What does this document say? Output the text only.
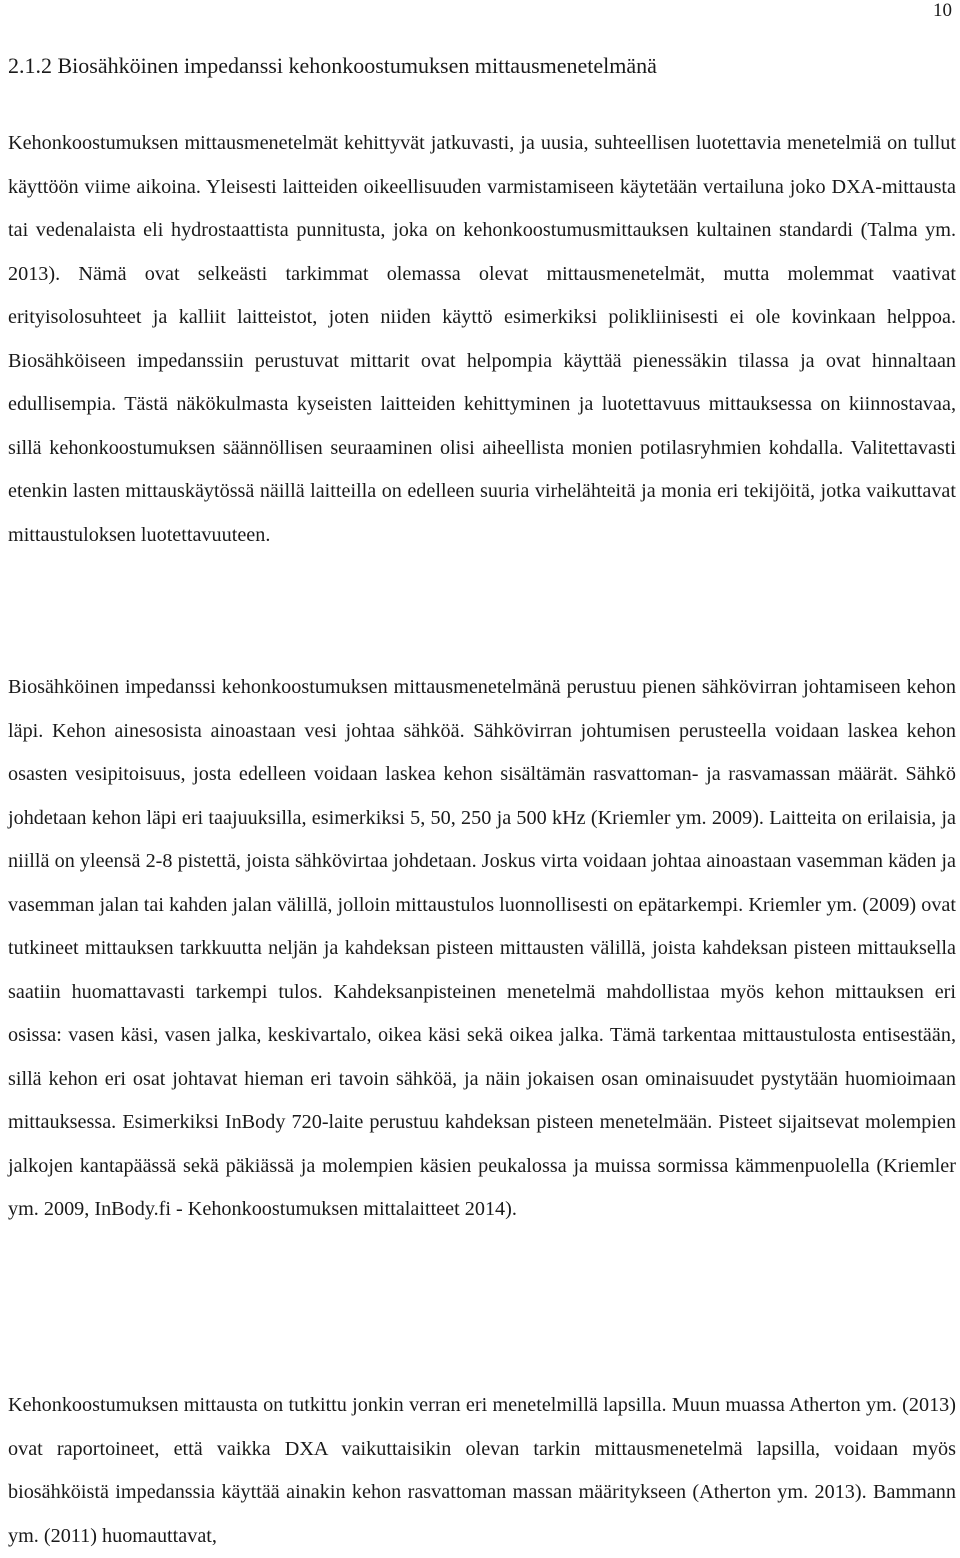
10
2.1.2 Biosähköinen impedanssi kehonkoostumuksen mittausmenetelmänä

Kehonkoostumuksen mittausmenetelmät kehittyvät jatkuvasti, ja uusia, suhteellisen luotettavia menetelmiä on tullut käyttöön viime aikoina. Yleisesti laitteiden oikeellisuuden varmistamiseen käytetään vertailuna joko DXA-mittausta tai vedenalaista eli hydrostaattista punnitusta, joka on kehonkoostumusmittauksen kultainen standardi (Talma ym. 2013). Nämä ovat selkeästi tarkimmat olemassa olevat mittausmenetelmät, mutta molemmat vaativat erityisolosuhteet ja kalliit laitteistot, joten niiden käyttö esimerkiksi polikliinisesti ei ole kovinkaan helppoa. Biosähköiseen impedanssiin perustuvat mittarit ovat helpompia käyttää pienessäkin tilassa ja ovat hinnaltaan edullisempia. Tästä näkökulmasta kyseisten laitteiden kehittyminen ja luotettavuus mittauksessa on kiinnostavaa, sillä kehonkoostumuksen säännöllisen seuraaminen olisi aiheellista monien potilasryhmien kohdalla. Valitettavasti etenkin lasten mittauskäytössä näillä laitteilla on edelleen suuria virhelähteitä ja monia eri tekijöitä, jotka vaikuttavat mittaustuloksen luotettavuuteen.

Biosähköinen impedanssi kehonkoostumuksen mittausmenetelmänä perustuu pienen sähkövirran johtamiseen kehon läpi. Kehon ainesosista ainoastaan vesi johtaa sähköä. Sähkövirran johtumisen perusteella voidaan laskea kehon osasten vesipitoisuus, josta edelleen voidaan laskea kehon sisältämän rasvattoman- ja rasvamassan määrät. Sähkö johdetaan kehon läpi eri taajuuksilla, esimerkiksi 5, 50, 250 ja 500 kHz (Kriemler ym. 2009). Laitteita on erilaisia, ja niillä on yleensä 2-8 pistettä, joista sähkövirtaa johdetaan. Joskus virta voidaan johtaa ainoastaan vasemman käden ja vasemman jalan tai kahden jalan välillä, jolloin mittaustulos luonnollisesti on epätarkempi. Kriemler ym. (2009) ovat tutkineet mittauksen tarkkuutta neljän ja kahdeksan pisteen mittausten välillä, joista kahdeksan pisteen mittauksella saatiin huomattavasti tarkempi tulos. Kahdeksanpisteinen menetelmä mahdollistaa myös kehon mittauksen eri osissa: vasen käsi, vasen jalka, keskivartalo, oikea käsi sekä oikea jalka. Tämä tarkentaa mittaustulosta entisestään, sillä kehon eri osat johtavat hieman eri tavoin sähköä, ja näin jokaisen osan ominaisuudet pystytään huomioimaan mittauksessa. Esimerkiksi InBody 720-laite perustuu kahdeksan pisteen menetelmään. Pisteet sijaitsevat molempien jalkojen kantapäässä sekä päkiässä ja molempien käsien peukalossa ja muissa sormissa kämmenpuolella (Kriemler ym. 2009, InBody.fi - Kehonkoostumuksen mittalaitteet 2014).

Kehonkoostumuksen mittausta on tutkittu jonkin verran eri menetelmillä lapsilla. Muun muassa Atherton ym. (2013) ovat raportoineet, että vaikka DXA vaikuttaisikin olevan tarkin mittausmenetelmä lapsilla, voidaan myös biosähköistä impedanssia käyttää ainakin kehon rasvattoman massan määritykseen (Atherton ym. 2013). Bammann ym. (2011) huomauttavat,
